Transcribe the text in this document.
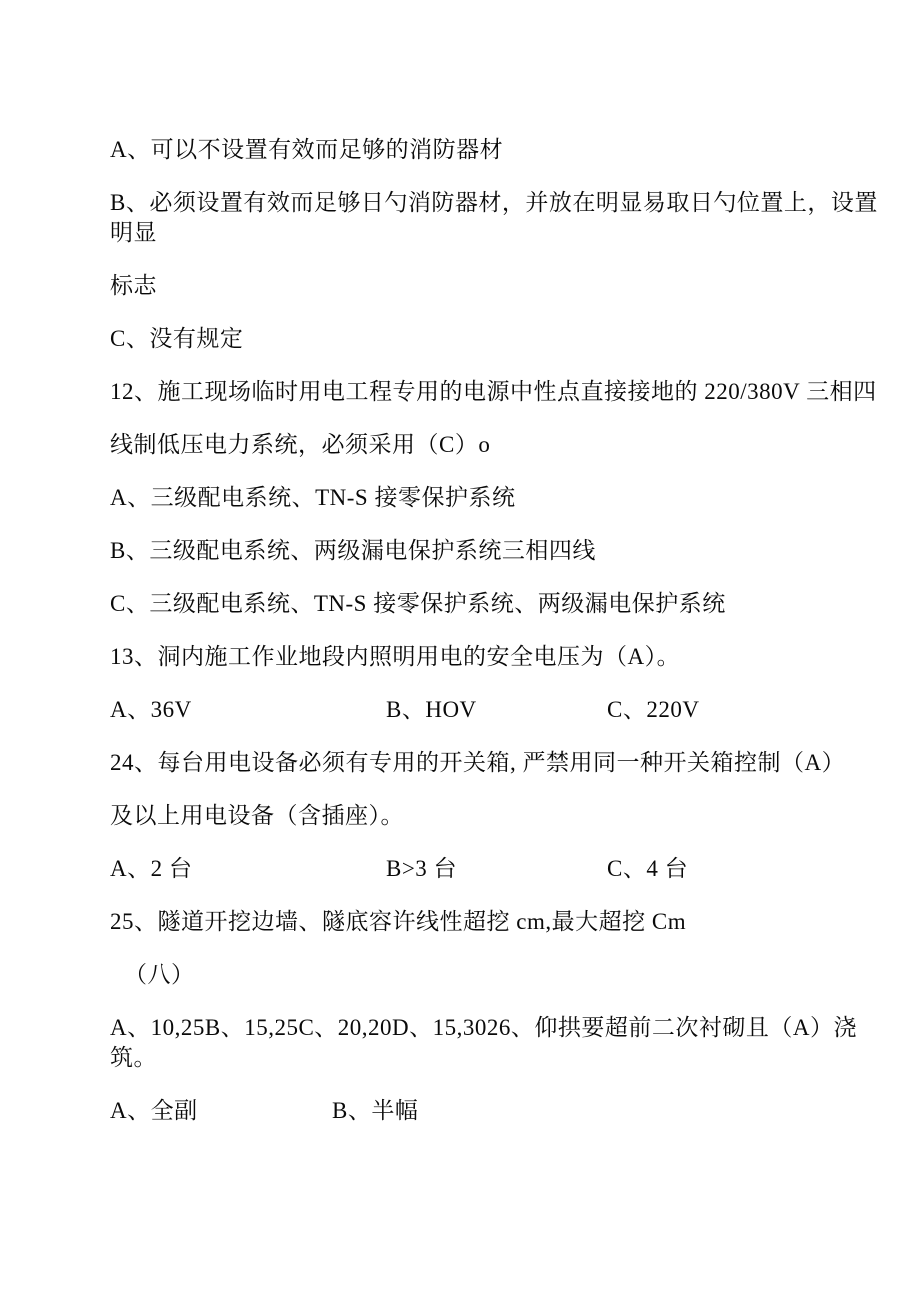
A、可以不设置有效而足够的消防器材
B、必须设置有效而足够日勺消防器材，并放在明显易取日勺位置上，设置
明显
标志
C、没有规定
12、施工现场临时用电工程专用的电源中性点直接接地的 220/380V 三相四
线制低压电力系统，必须采用（C）o
A、三级配电系统、TN-S 接零保护系统
B、三级配电系统、两级漏电保护系统三相四线
C、三级配电系统、TN-S 接零保护系统、两级漏电保护系统
13、洞内施工作业地段内照明用电的安全电压为（A）。
A、36V	B、HOV	C、220V
24、每台用电设备必须有专用的开关箱, 严禁用同一种开关箱控制（A）
及以上用电设备（含插座）。
A、2 台	B>3 台	C、4 台
25、隧道开挖边墙、隧底容许线性超挖 cm,最大超挖 Cm
（八）
A、10,25B、15,25C、20,20D、15,3026、仰拱要超前二次衬砌且（A）浇
筑。
A、全副	B、半幅
